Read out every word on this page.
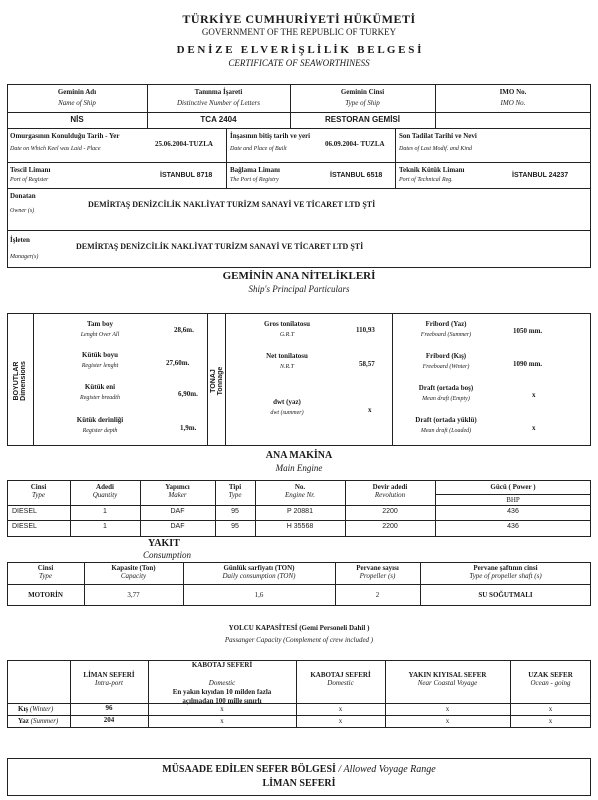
TÜRKİYE CUMHURİYETİ HÜKÜMETİ
GOVERNMENT OF THE REPUBLIC OF TURKEY
D E N İ Z E   E L V E R İ Ş L İ L İ K   B E L G E S İ
CERTIFICATE OF SEAWORTHINESS
Geminin Adı
Name of Ship
Tanınma İşareti
Distinctive Number of Letters
Geminin Cinsi
Type of Ship
IMO No.
IMO No.
NİS	TCA 2404	RESTORAN GEMİSİ
Omurgasının Konulduğu Tarih - Yer
Date on Which Keel was Laid - Place
25.06.2004-TUZLA
İnşasının bitiş tarih ve yeri
Date and Place of Built
06.09.2004- TUZLA
Son Tadilat Tarihi ve Nevi
Dates of Last Modif. and Kind
Tescil Limanı
Port of Register
İSTANBUL 8718
Bağlama Limanı
The Port of Registry
İSTANBUL 6518
Teknik Kütük Limanı
Port of Technical Reg.
İSTANBUL 24237
Donatan
Owner (s)
DEMİRTAŞ DENİZCİLİK NAKLİYAT TURİZM SANAYİ VE TİCARET LTD ŞTİ
İşleten
Manager(s)
DEMİRTAŞ DENİZCİLİK NAKLİYAT TURİZM SANAYİ VE TİCARET LTD ŞTİ
GEMİNİN ANA NİTELİKLERİ
Ship's Principal Particulars
BOYUTLAR
Dimensions	TONAJ
Tonnage
Tam boy
Lenght Over All
28,6m.
Kütük boyu
Register lenght	27,60m.
Kütük eni
Register breadth	6,90m.
Kütük derinliği
Register depth	1,9m.
Gros tonilatosu
G.R.T
110,93
Net tonilatosu
N.R.T	58,57
dwt (yaz)
dwt (summer)	x
Fribord (Yaz)
Freeboard (Summer)	1050 mm.
Fribord (Kış)
Freeboard (Winter)	1090 mm.
Draft (ortada boş)
Mean draft (Empty)	x
Draft (ortada yüklü)
Mean draft (Loaded)	x
ANA MAKİNA
Main Engine
Cinsi
Type
Adedi
Quantity
Yapımcı
Maker
Tipi
Type
No.
Engine Nr.
Devir adedi
Revolution
Gücü ( Power )
BHP
DIESEL	1	DAF	95	P 20881	2200	436
DIESEL	1	DAF	95	H 35568	2200	436
YAKIT
Consumption
Cinsi
Type
Kapasite (Ton)
Capacity
Günlük sarfiyatı (TON)
Daily consumption (TON)
Pervane sayısı
Propeller (s)
Pervane şaftının cinsi
Type of propeller shaft (s)
MOTORİN	3,77	1,6	2	SU SOĞUTMALI
YOLCU KAPASİTESİ (Gemi Personeli Dahil )
Passanger Capacity (Complement of crew included )
LİMAN SEFERİ
Intra-port
KABOTAJ SEFERİ

Domestic
En yakın kıyıdan 10 milden fazla açılmadan 100 mille sınırlı
KABOTAJ SEFERİ
Domestic
YAKIN KIYISAL SEFER
Near Coastal Voyage
UZAK SEFER
Ocean - going
Kış (Winter)	96	x	x	x	x
Yaz (Summer)	204	x	x	x	x
MÜSAADE EDİLEN SEFER BÖLGESİ / Allowed Voyage Range
LİMAN SEFERİ
